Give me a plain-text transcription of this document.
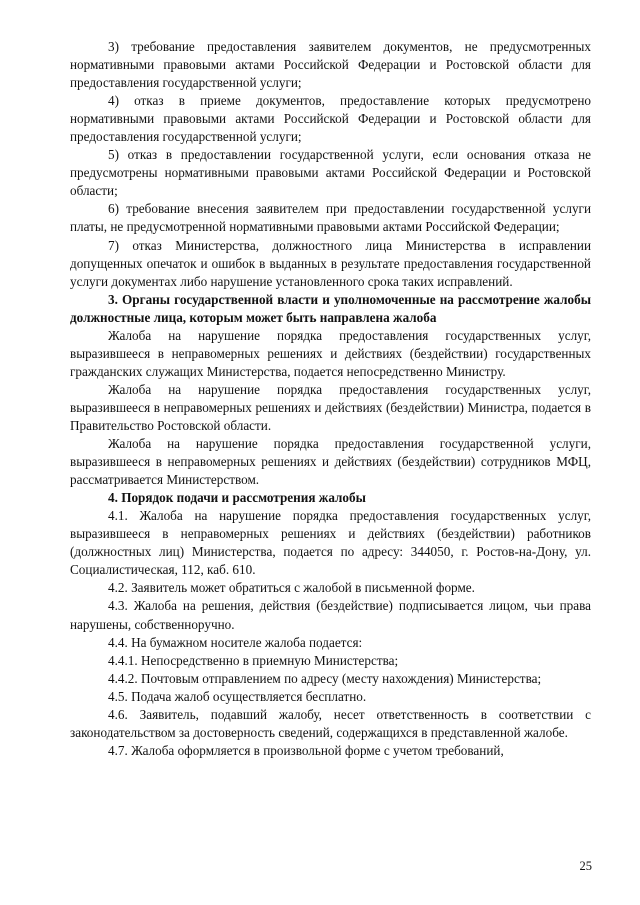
3) требование предоставления заявителем документов, не предусмотренных нормативными правовыми актами Российской Федерации и Ростовской области для предоставления государственной услуги;

4) отказ в приеме документов, предоставление которых предусмотрено нормативными правовыми актами Российской Федерации и Ростовской области для предоставления государственной услуги;

5) отказ в предоставлении государственной услуги, если основания отказа не предусмотрены нормативными правовыми актами Российской Федерации и Ростовской области;

6) требование внесения заявителем при предоставлении государственной услуги платы, не предусмотренной нормативными правовыми актами Российской Федерации;

7) отказ Министерства, должностного лица Министерства в исправлении допущенных опечаток и ошибок в выданных в результате предоставления государственной услуги документах либо нарушение установленного срока таких исправлений.

3. Органы государственной власти и уполномоченные на рассмотрение жалобы должностные лица, которым может быть направлена жалоба

Жалоба на нарушение порядка предоставления государственных услуг, выразившееся в неправомерных решениях и действиях (бездействии) государственных гражданских служащих Министерства, подается непосредственно Министру.

Жалоба на нарушение порядка предоставления государственных услуг, выразившееся в неправомерных решениях и действиях (бездействии) Министра, подается в Правительство Ростовской области.

Жалоба на нарушение порядка предоставления государственной услуги, выразившееся в неправомерных решениях и действиях (бездействии) сотрудников МФЦ, рассматривается Министерством.

4. Порядок подачи и рассмотрения жалобы

4.1. Жалоба на нарушение порядка предоставления государственных услуг, выразившееся в неправомерных решениях и действиях (бездействии) работников (должностных лиц) Министерства, подается по адресу: 344050, г. Ростов-на-Дону, ул. Социалистическая, 112, каб. 610.

4.2. Заявитель может обратиться с жалобой в письменной форме.

4.3. Жалоба на решения, действия (бездействие) подписывается лицом, чьи права нарушены, собственноручно.

4.4. На бумажном носителе жалоба подается:

4.4.1. Непосредственно в приемную Министерства;

4.4.2. Почтовым отправлением по адресу (месту нахождения) Министерства;

4.5. Подача жалоб осуществляется бесплатно.

4.6. Заявитель, подавший жалобу, несет ответственность в соответствии с законодательством за достоверность сведений, содержащихся в представленной жалобе.

4.7. Жалоба оформляется в произвольной форме с учетом требований,

25
